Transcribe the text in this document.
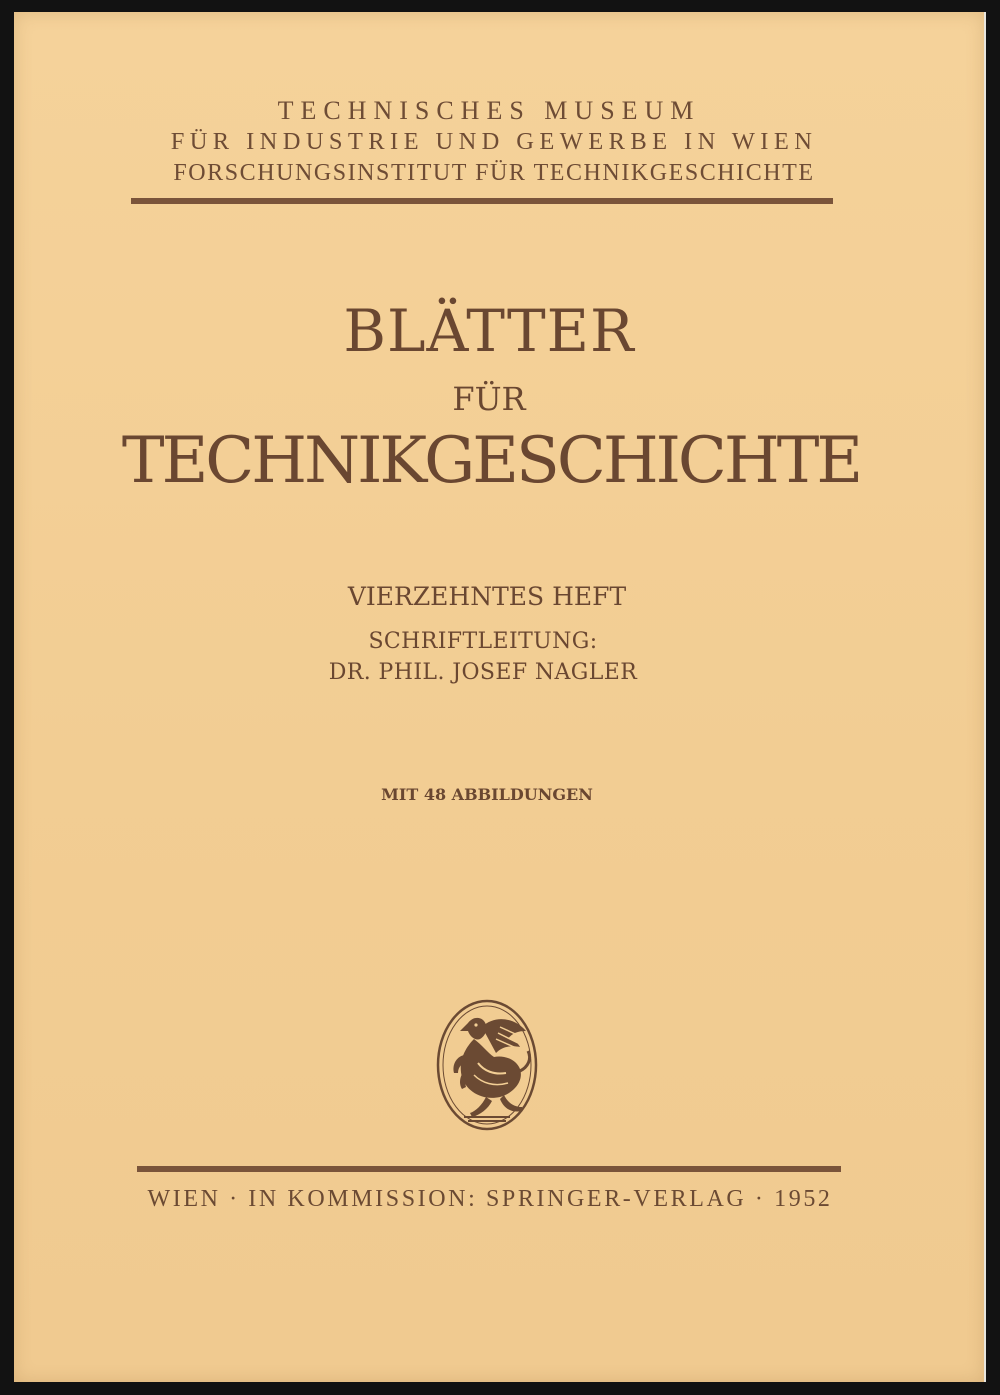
TECHNISCHES MUSEUM
FÜR INDUSTRIE UND GEWERBE IN WIEN
FORSCHUNGSINSTITUT FÜR TECHNIKGESCHICHTE
BLÄTTER
FÜR
TECHNIKGESCHICHTE
VIERZEHNTES HEFT
SCHRIFTLEITUNG:
DR. PHIL. JOSEF NAGLER
MIT 48 ABBILDUNGEN
WIEN · IN KOMMISSION: SPRINGER-VERLAG · 1952
